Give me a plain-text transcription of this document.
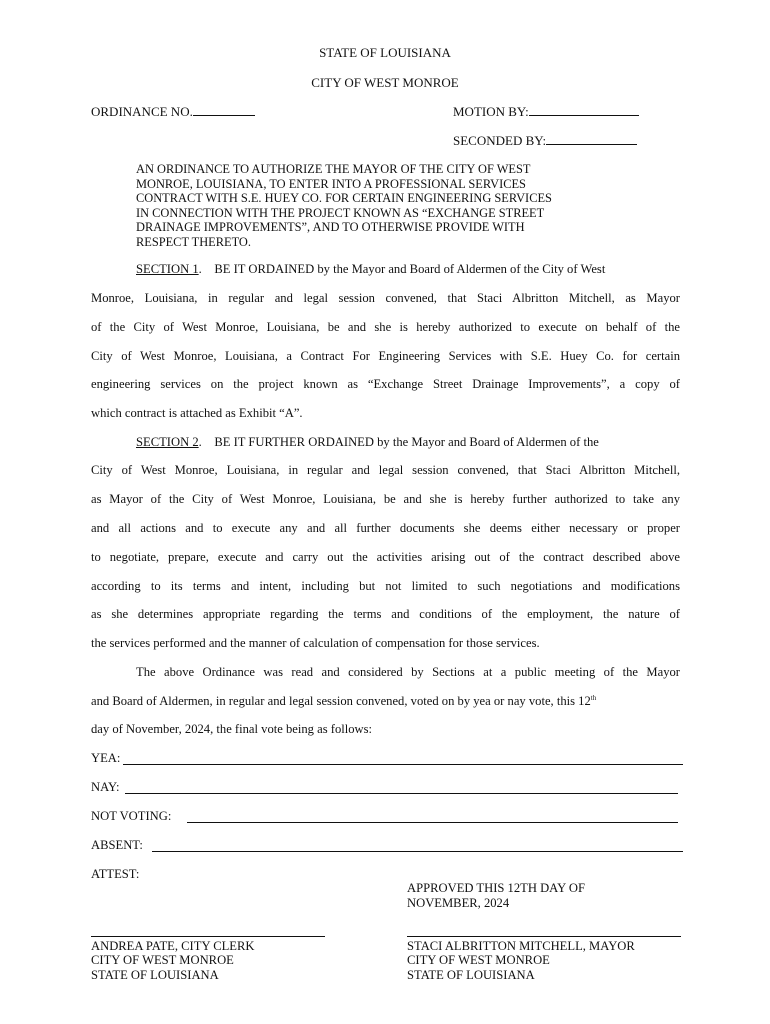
STATE OF LOUISIANA
CITY OF WEST MONROE
ORDINANCE NO.	MOTION BY:
SECONDED BY:
AN ORDINANCE TO AUTHORIZE THE MAYOR OF THE CITY OF WEST
MONROE, LOUISIANA, TO ENTER INTO A PROFESSIONAL SERVICES
CONTRACT WITH S.E. HUEY CO. FOR CERTAIN ENGINEERING SERVICES
IN CONNECTION WITH THE PROJECT KNOWN AS “EXCHANGE STREET
DRAINAGE IMPROVEMENTS”, AND TO OTHERWISE PROVIDE WITH
RESPECT THERETO.
SECTION 1.    BE IT ORDAINED by the Mayor and Board of Aldermen of the City of West
Monroe, Louisiana, in regular and legal session convened, that Staci Albritton Mitchell, as Mayor
of the City of West Monroe, Louisiana, be and she is hereby authorized to execute on behalf of the
City of West Monroe, Louisiana, a Contract For Engineering Services with S.E. Huey Co. for certain
engineering services on the project known as “Exchange Street Drainage Improvements”, a copy of
which contract is attached as Exhibit “A”.
SECTION 2.    BE IT FURTHER ORDAINED by the Mayor and Board of Aldermen of the
City of West Monroe, Louisiana, in regular and legal session convened, that Staci Albritton Mitchell,
as Mayor of the City of West Monroe, Louisiana, be and she is hereby further authorized to take any
and all actions and to execute any and all further documents she deems either necessary or proper
to negotiate, prepare, execute and carry out the activities arising out of the contract described above
according to its terms and intent, including but not limited to such negotiations and modifications
as she determines appropriate regarding the terms and conditions of the employment, the nature of
the services performed and the manner of calculation of compensation for those services.
The above Ordinance was read and considered by Sections at a public meeting of the Mayor
and Board of Aldermen, in regular and legal session convened, voted on by yea or nay vote, this 12th
day of November, 2024, the final vote being as follows:
YEA:
NAY:
NOT VOTING:
ABSENT:
ATTEST:
APPROVED THIS 12TH DAY OF
NOVEMBER, 2024
ANDREA PATE, CITY CLERK
CITY OF WEST MONROE
STATE OF LOUISIANA
STACI ALBRITTON MITCHELL, MAYOR
CITY OF WEST MONROE
STATE OF LOUISIANA
